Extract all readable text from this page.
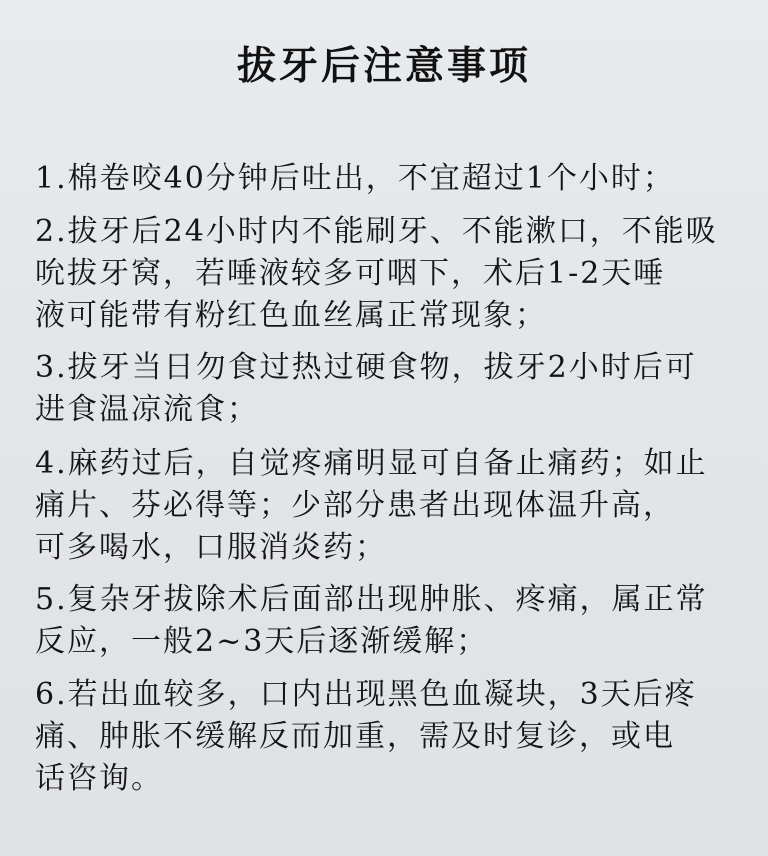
拔牙后注意事项
1.棉卷咬40分钟后吐出，不宜超过1个小时；
2.拔牙后24小时内不能刷牙、不能漱口，不能吸
吮拔牙窝，若唾液较多可咽下，术后1-2天唾
液可能带有粉红色血丝属正常现象；
3.拔牙当日勿食过热过硬食物，拔牙2小时后可
进食温凉流食；
4.麻药过后，自觉疼痛明显可自备止痛药；如止
痛片、芬必得等；少部分患者出现体温升高，
可多喝水，口服消炎药；
5.复杂牙拔除术后面部出现肿胀、疼痛，属正常
反应，一般2~3天后逐渐缓解；
6.若出血较多，口内出现黑色血凝块，3天后疼
痛、肿胀不缓解反而加重，需及时复诊，或电
话咨询。
